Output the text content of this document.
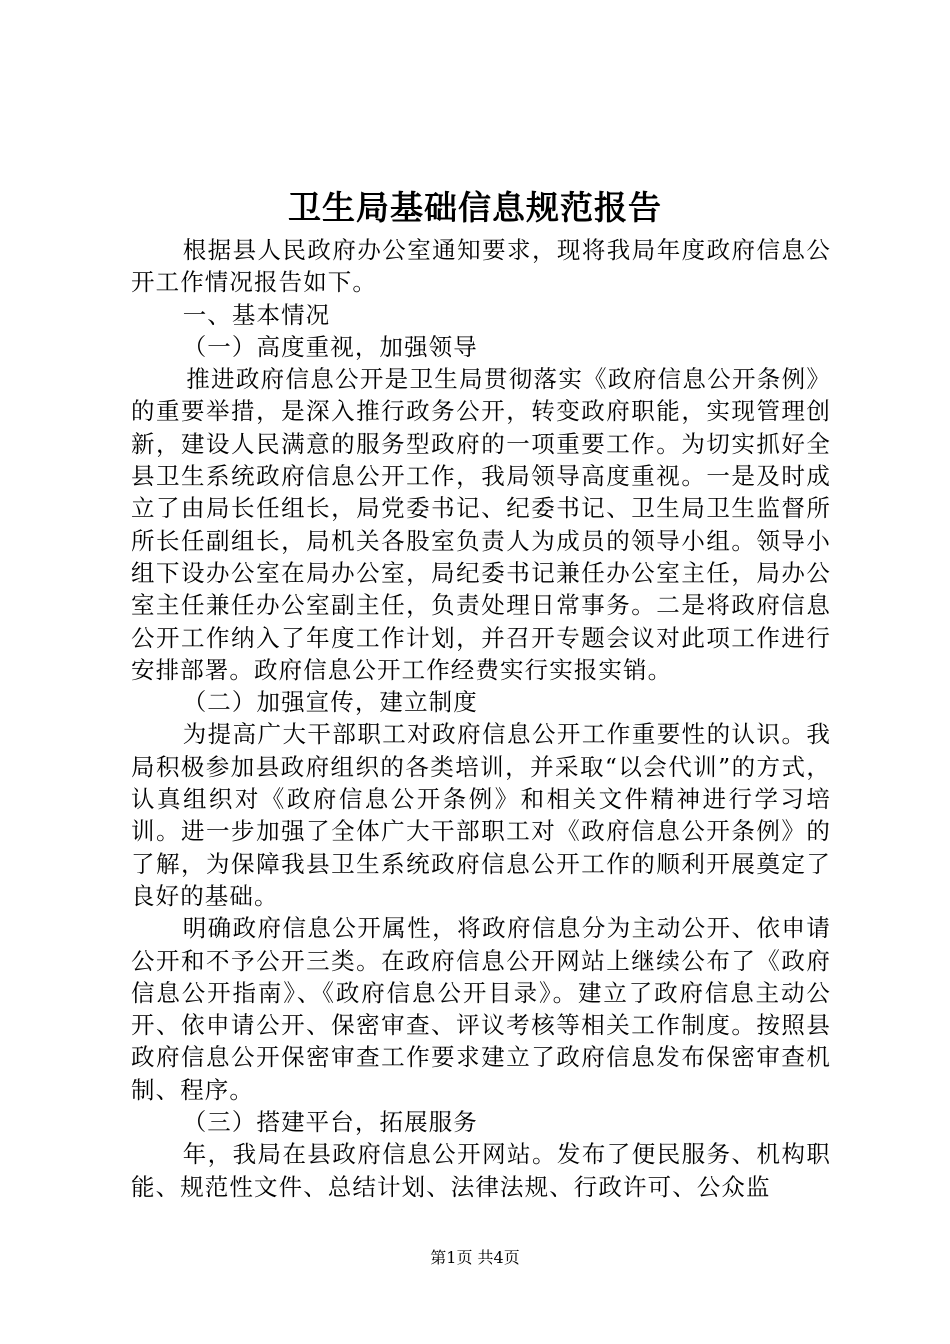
卫生局基础信息规范报告

根据县人民政府办公室通知要求，现将我局年度政府信息公开工作情况报告如下。

一、基本情况

（一）高度重视，加强领导

推进政府信息公开是卫生局贯彻落实《政府信息公开条例》的重要举措，是深入推行政务公开，转变政府职能，实现管理创新，建设人民满意的服务型政府的一项重要工作。为切实抓好全县卫生系统政府信息公开工作，我局领导高度重视。一是及时成立了由局长任组长，局党委书记、纪委书记、卫生局卫生监督所所长任副组长，局机关各股室负责人为成员的领导小组。领导小组下设办公室在局办公室，局纪委书记兼任办公室主任，局办公室主任兼任办公室副主任，负责处理日常事务。二是将政府信息公开工作纳入了年度工作计划，并召开专题会议对此项工作进行安排部署。政府信息公开工作经费实行实报实销。

（二）加强宣传，建立制度

为提高广大干部职工对政府信息公开工作重要性的认识。我局积极参加县政府组织的各类培训，并采取“以会代训”的方式，认真组织对《政府信息公开条例》和相关文件精神进行学习培训。进一步加强了全体广大干部职工对《政府信息公开条例》的了解，为保障我县卫生系统政府信息公开工作的顺利开展奠定了良好的基础。

明确政府信息公开属性，将政府信息分为主动公开、依申请公开和不予公开三类。在政府信息公开网站上继续公布了《政府信息公开指南》、《政府信息公开目录》。建立了政府信息主动公开、依申请公开、保密审查、评议考核等相关工作制度。按照县政府信息公开保密审查工作要求建立了政府信息发布保密审查机制、程序。

（三）搭建平台，拓展服务

年，我局在县政府信息公开网站。发布了便民服务、机构职能、规范性文件、总结计划、法律法规、行政许可、公众监

第1页 共4页
